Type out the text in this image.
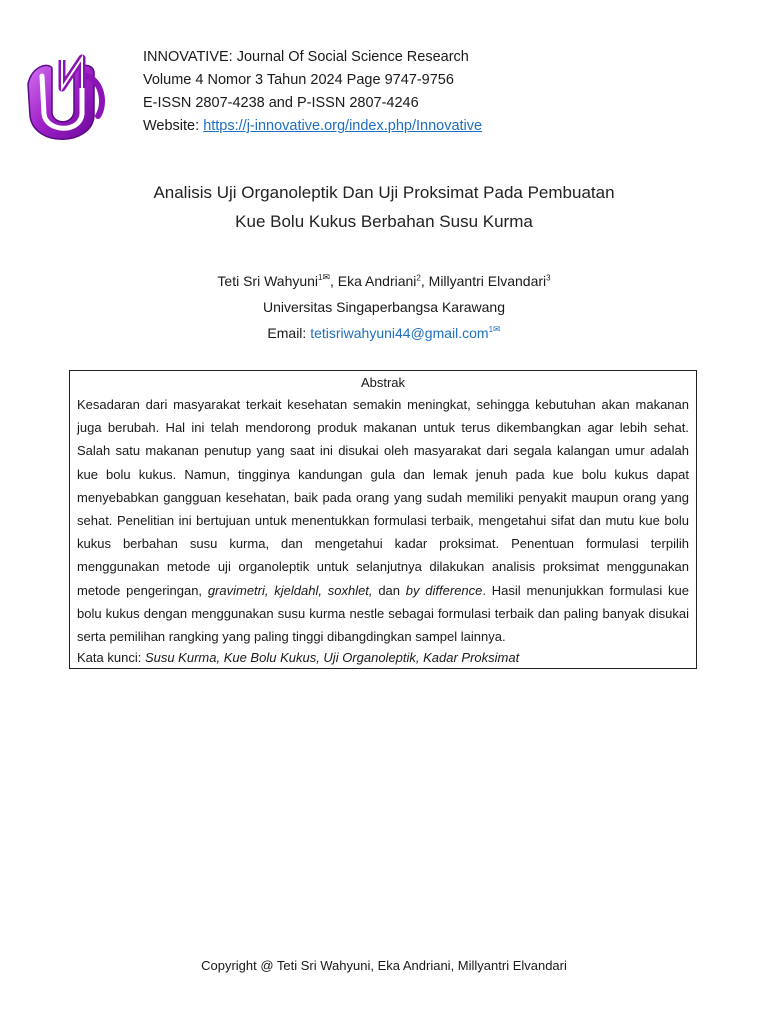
INNOVATIVE: Journal Of Social Science Research
Volume 4 Nomor 3 Tahun 2024 Page 9747-9756
E-ISSN 2807-4238 and P-ISSN 2807-4246
Website: https://j-innovative.org/index.php/Innovative
Analisis Uji Organoleptik Dan Uji Proksimat Pada Pembuatan
Kue Bolu Kukus Berbahan Susu Kurma
Teti Sri Wahyuni$^{1✉}$, Eka Andriani$^2$, Millyantri Elvandari$^3$
Universitas Singaperbangsa Karawang
Email: tetisriwahyuni44@gmail.com$^{1✉}$
Abstrak

Kesadaran dari masyarakat terkait kesehatan semakin meningkat, sehingga kebutuhan akan makanan juga berubah. Hal ini telah mendorong produk makanan untuk terus dikembangkan agar lebih sehat. Salah satu makanan penutup yang saat ini disukai oleh masyarakat dari segala kalangan umur adalah kue bolu kukus. Namun, tingginya kandungan gula dan lemak jenuh pada kue bolu kukus dapat menyebabkan gangguan kesehatan, baik pada orang yang sudah memiliki penyakit maupun orang yang sehat. Penelitian ini bertujuan untuk menentukkan formulasi terbaik, mengetahui sifat dan mutu kue bolu kukus berbahan susu kurma, dan mengetahui kadar proksimat. Penentuan formulasi terpilih menggunakan metode uji organoleptik untuk selanjutnya dilakukan analisis proksimat menggunakan metode pengeringan, gravimetri, kjeldahl, soxhlet, dan by difference. Hasil menunjukkan formulasi kue bolu kukus dengan menggunakan susu kurma nestle sebagai formulasi terbaik dan paling banyak disukai serta pemilihan rangking yang paling tinggi dibangdingkan sampel lainnya.

Kata kunci: Susu Kurma, Kue Bolu Kukus, Uji Organoleptik, Kadar Proksimat
Copyright @ Teti Sri Wahyuni, Eka Andriani, Millyantri Elvandari
